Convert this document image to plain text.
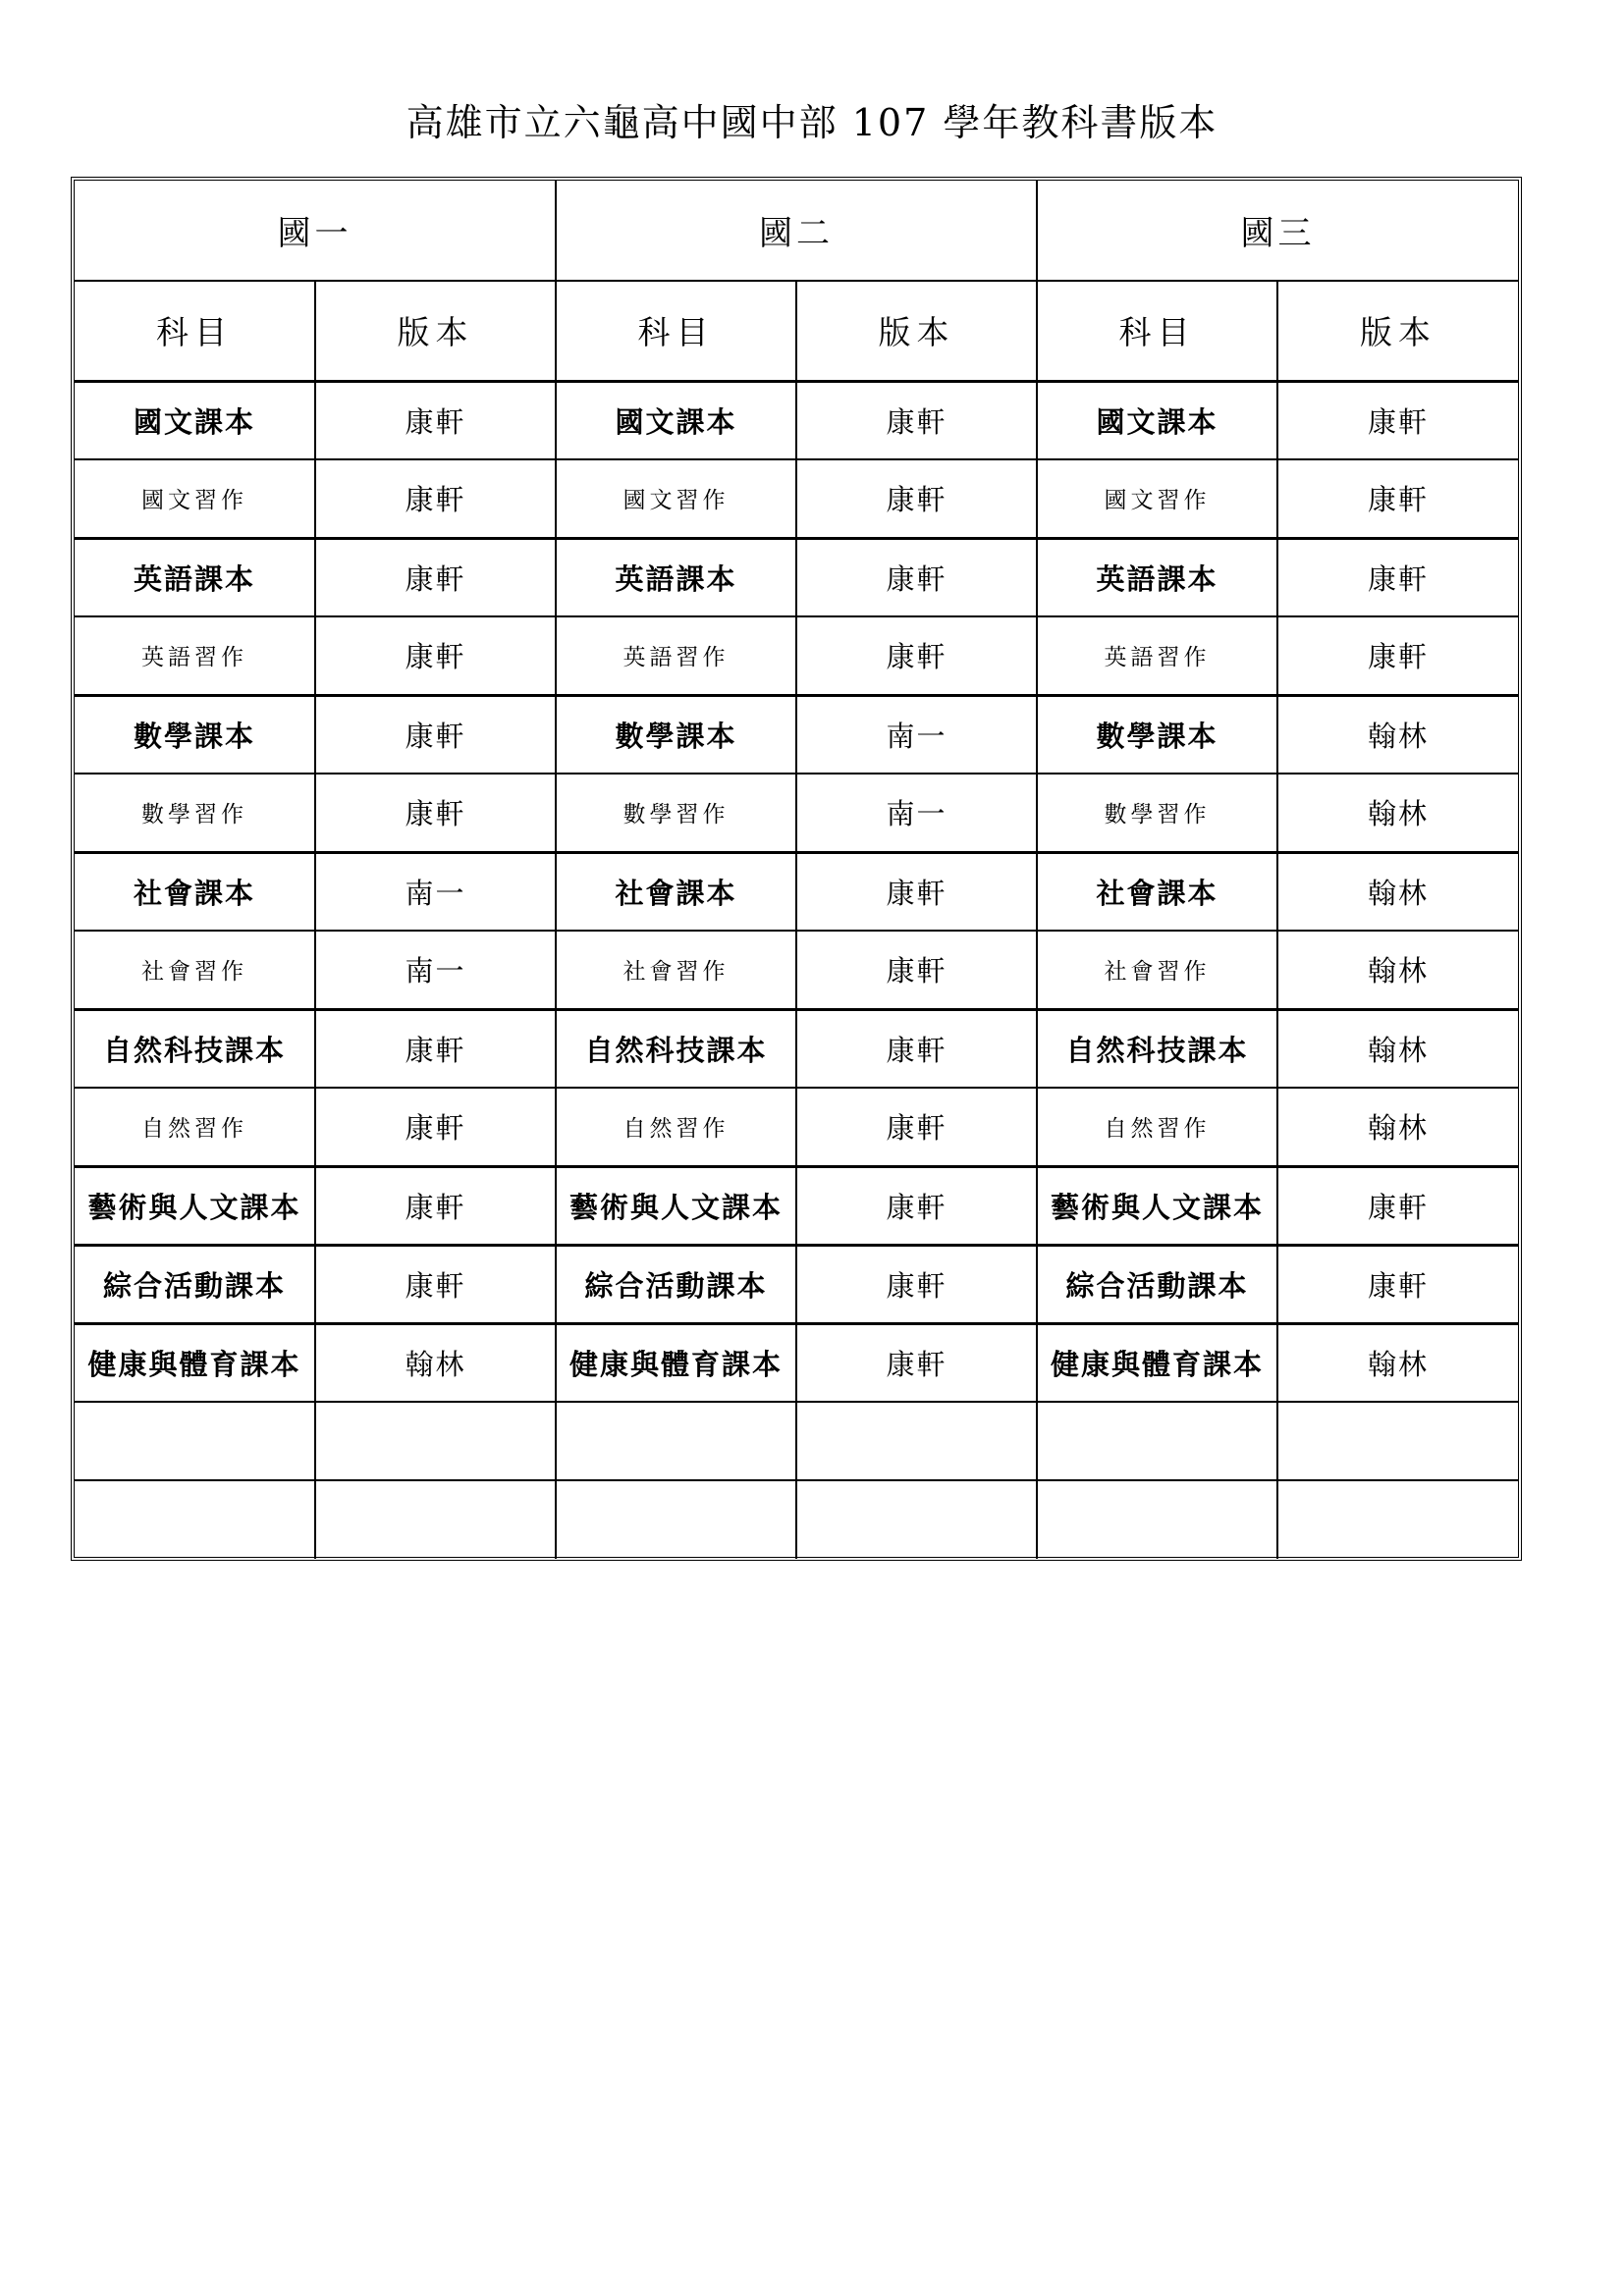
高雄市立六龜高中國中部 107 學年教科書版本
國一		國二		國三	
科目	版本	科目	版本	科目	版本
國文課本	康軒	國文課本	康軒	國文課本	康軒
國文習作	康軒	國文習作	康軒	國文習作	康軒
英語課本	康軒	英語課本	康軒	英語課本	康軒
英語習作	康軒	英語習作	康軒	英語習作	康軒
數學課本	康軒	數學課本	南一	數學課本	翰林
數學習作	康軒	數學習作	南一	數學習作	翰林
社會課本	南一	社會課本	康軒	社會課本	翰林
社會習作	南一	社會習作	康軒	社會習作	翰林
自然科技課本	康軒	自然科技課本	康軒	自然科技課本	翰林
自然習作	康軒	自然習作	康軒	自然習作	翰林
藝術與人文課本	康軒	藝術與人文課本	康軒	藝術與人文課本	康軒
綜合活動課本	康軒	綜合活動課本	康軒	綜合活動課本	康軒
健康與體育課本	翰林	健康與體育課本	康軒	健康與體育課本	翰林
